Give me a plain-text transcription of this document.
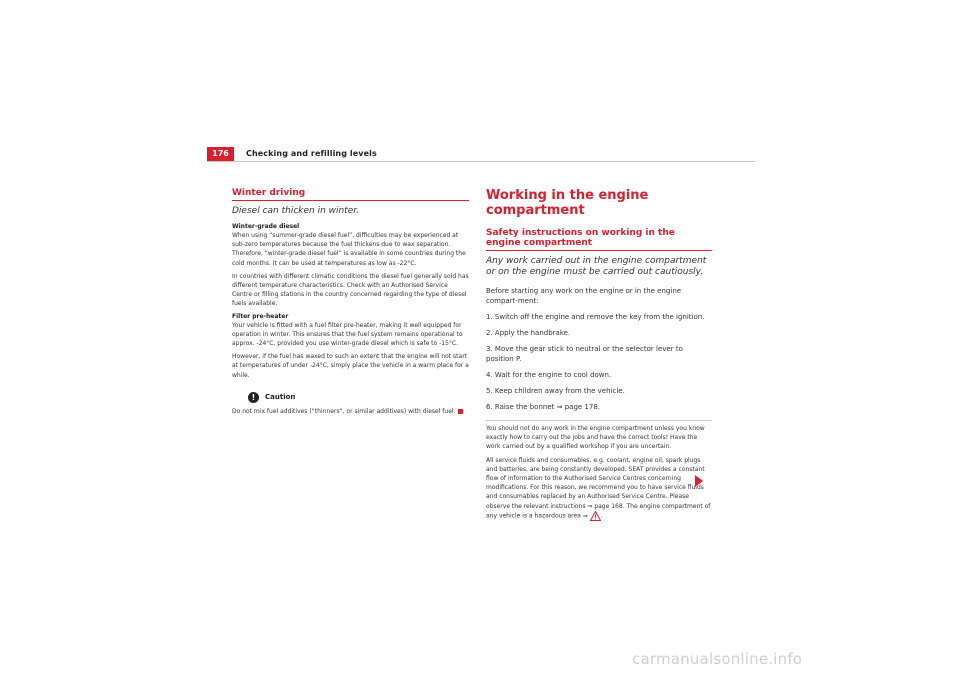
176	Checking and refilling levels
Winter driving
Diesel can thicken in winter.
Winter-grade diesel

When using “summer-grade diesel fuel”, difficulties may be experienced at sub-zero temperatures because the fuel thickens due to wax separation. Therefore, “winter-grade diesel fuel” is available in some countries during the cold months. It can be used at temperatures as low as -22°C.

In countries with different climatic conditions the diesel fuel generally sold has different temperature characteristics. Check with an Authorised Service Centre or filling stations in the country concerned regarding the type of diesel fuels available.

Filter pre-heater

Your vehicle is fitted with a fuel filter pre-heater, making it well equipped for operation in winter. This ensures that the fuel system remains operational to approx. -24°C, provided you use winter-grade diesel which is safe to -15°C.

However, if the fuel has waxed to such an extent that the engine will not start at temperatures of under -24°C, simply place the vehicle in a warm place for a while.

!	Caution

Do not mix fuel additives (“thinners”, or similar additives) with diesel fuel.

Working in the engine compartment
Safety instructions on working in the engine compartment
Any work carried out in the engine compartment or on the engine must be carried out cautiously.

Before starting any work on the engine or in the engine compart-ment:

1. Switch off the engine and remove the key from the ignition.
2. Apply the handbrake.
3. Move the gear stick to neutral or the selector lever to position P.
4. Wait for the engine to cool down.
5. Keep children away from the vehicle.
6. Raise the bonnet ⇒ page 178.

You should not do any work in the engine compartment unless you know exactly how to carry out the jobs and have the correct tools! Have the work carried out by a qualified workshop if you are uncertain.

All service fluids and consumables, e.g. coolant, engine oil, spark plugs and batteries, are being constantly developed. SEAT provides a constant flow of information to the Authorised Service Centres concerning modifications. For this reason, we recommend you to have service fluids and consumables replaced by an Authorised Service Centre. Please observe the relevant instructions ⇒ page 168. The engine compartment of any vehicle is a hazardous area ⇒ .

carmanualsonline.info
